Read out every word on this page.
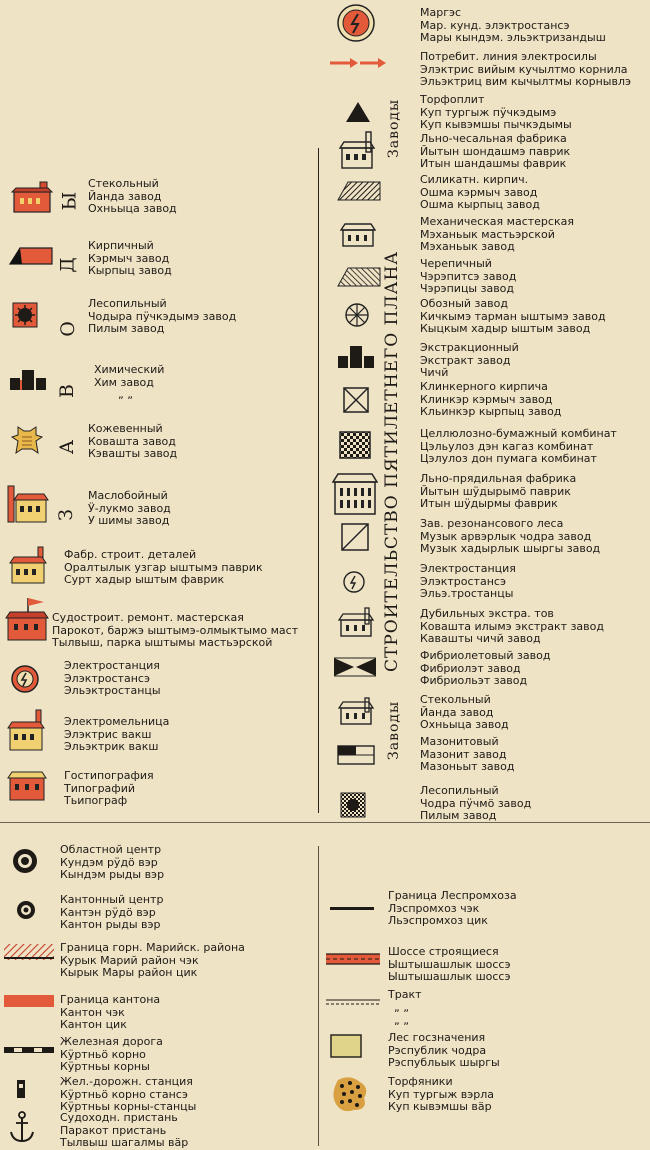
Ы
Д
О
В
А
З
Заводы
СТРОИТЕЛЬСТВО ПЯТИЛЕТНЕГО ПЛАНА
Заводы
Стекольный
Йанда завод
Охньыца завод
Кирпичный
Кэрмыч завод
Кырпыц завод
Лесопильный
Чодыра пӱчкэдымэ завод
Пилым завод
Химический
Хим завод
„ „
Кожевенный
Ковашта завод
Кэвашты завод
Маслобойный
Ӱ-лукмо завод
У шимы завод
Фабр. строит. деталей
Оралтылык узгар ыштымэ паврик
Сурт хадыр ыштым фаврик
Судостроит. ремонт. мастерская
Парокот, баржэ ыштымэ-олмыктымо маст
Тылвыш, парка ыштымы мастьэрской
Электростанция
Элэктростансэ
Эльэктростанцы
Электромельница
Элэктрис вакш
Эльэктрик вакш
Гостипография
Типографий
Тьипограф
Маргэс
Мар. кунд. элэктростансэ
Мары кындэм. эльэктризандыш
Потребит. линия электросилы
Элэктрис вийым кучылтмо корнила
Эльэктриц вим кычылтмы корнывлэ
Торфоплит
Куп тургыж пӱчкэдымэ
Куп кывэмшы пычкэдымы
Льно-чесальная фабрика
Йытын шондашмэ паврик
Итын шандашмы фаврик
Силикатн. кирпич.
Ошма кэрмыч завод
Ошма кырпыц завод
Механическая мастерская
Мэханьык мастьэрской
Мэханьык завод
Черепичный
Чэрэпитсэ завод
Чэрэпицы завод
Обозный завод
Кичкымэ тарман ыштымэ завод
Кыцкым хадыр ыштым завод
Экстракционный
Экстракт завод
Чичй
Клинкерного кирпича
Клинкэр кэрмыч завод
Кльинкэр кырпыц завод
Целлюлозно-бумажный комбинат
Цэльулоз дэн кагаз комбинат
Цэлулоз дон пумага комбинат
Льно-прядильная фабрика
Йытын шӱдырымӧ паврик
Итын шӱдырмы фаврик
Зав. резонансового леса
Музык арвэрлык чодра завод
Музык хадырлык шыргы завод
Электростанция
Элэктростансэ
Эльэ.тростанцы
Дубильных экстра. тов
Ковашта илымэ экстракт завод
Кавашты чичй завод
Фибриолетовый завод
Фибриолэт завод
Фибриольэт завод
Стекольный
Йанда завод
Охньыца завод
Мазонитовый
Мазонит завод
Мазоньыт завод
Лесопильный
Чодра пӱчмӧ завод
Пилым завод
Областной центр
Кундэм рӱдӧ вэр
Кындэм рыды вэр
Кантонный центр
Кантэн рӱдӧ вэр
Кантон рыды вэр
Граница горн. Марийск. района
Курык Марий район чэк
Кырык Мары район цик
Граница кантона
Кантон чэк
Кантон цик
Железная дорога
Кӱртньӧ корно
Кӱртньы корны
Жел.-дорожн. станция
Кӱртньӧ корно стансэ
Кӱртньы корны-станцы
Судоходн. пристань
Паракот пристань
Тылвыш шагалмы вӓр
Граница Леспромхоза
Лэспромхоз чэк
Льэспромхоз цик
Шоссе строящиеся
Ыштышашлык шоссэ
Ыштышашлык шоссэ
Тракт
„ „
„ „
Лес госзначения
Рэспублик чодра
Рэспубльык шыргы
Торфяники
Куп тургыж вэрла
Куп кывэмшы вӓр
